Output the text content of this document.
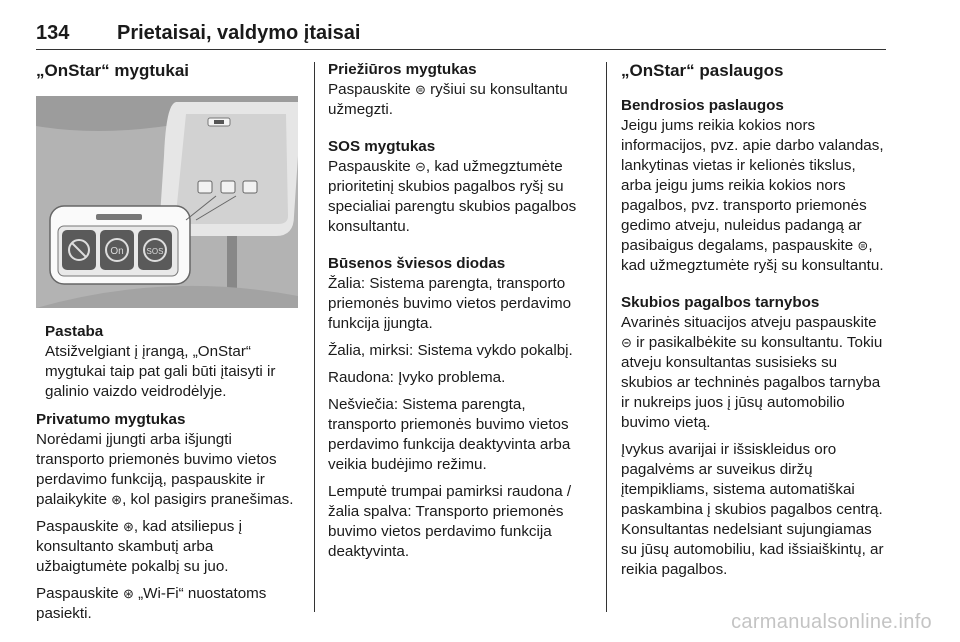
134 Prietaisai, valdymo įtaisai
„OnStar“ mygtukai
On	SOS

Pastaba

Atsižvelgiant į įrangą, „OnStar“ mygtukai taip pat gali būti įtaisyti ir galinio vaizdo veidrodėlyje.

Privatumo mygtukas

Norėdami įjungti arba išjungti transporto priemonės buvimo vietos perdavimo funkciją, paspauskite ir palaikykite ⊛, kol pasigirs pranešimas.

Paspauskite ⊛, kad atsiliepus į konsultanto skambutį arba užbaigtumėte pokalbį su juo.

Paspauskite ⊛ „Wi-Fi“ nuostatoms pasiekti.

Priežiūros mygtukas

Paspauskite ⊜ ryšiui su konsultantu užmegzti.

SOS mygtukas

Paspauskite ⊝, kad užmegztumėte prioritetinį skubios pagalbos ryšį su specialiai parengtu skubios pagalbos konsultantu.

Būsenos šviesos diodas

Žalia: Sistema parengta, transporto priemonės buvimo vietos perdavimo funkcija įjungta.

Žalia, mirksi: Sistema vykdo pokalbį.

Raudona: Įvyko problema.

Nešviečia: Sistema parengta, transporto priemonės buvimo vietos perdavimo funkcija deaktyvinta arba veikia budėjimo režimu.

Lemputė trumpai pamirksi raudona / žalia spalva: Transporto priemonės buvimo vietos perdavimo funkcija deaktyvinta.

„OnStar“ paslaugos

Bendrosios paslaugos

Jeigu jums reikia kokios nors informacijos, pvz. apie darbo valandas, lankytinas vietas ir kelionės tikslus, arba jeigu jums reikia kokios nors pagalbos, pvz. transporto priemonės gedimo atveju, nuleidus padangą ar pasibaigus degalams, paspauskite ⊜, kad užmegztumėte ryšį su konsultantu.

Skubios pagalbos tarnybos

Avarinės situacijos atveju paspauskite ⊝ ir pasikalbėkite su konsultantu. Tokiu atveju konsultantas susisieks su skubios ar techninės pagalbos tarnyba ir nukreips juos į jūsų automobilio buvimo vietą.

Įvykus avarijai ir išsiskleidus oro pagalvėms ar suveikus diržų įtempikliams, sistema automatiškai paskambina į skubios pagalbos centrą. Konsultantas nedelsiant sujungiamas su jūsų automobiliu, kad išsiaiškintų, ar reikia pagalbos.

carmanualsonline.info
